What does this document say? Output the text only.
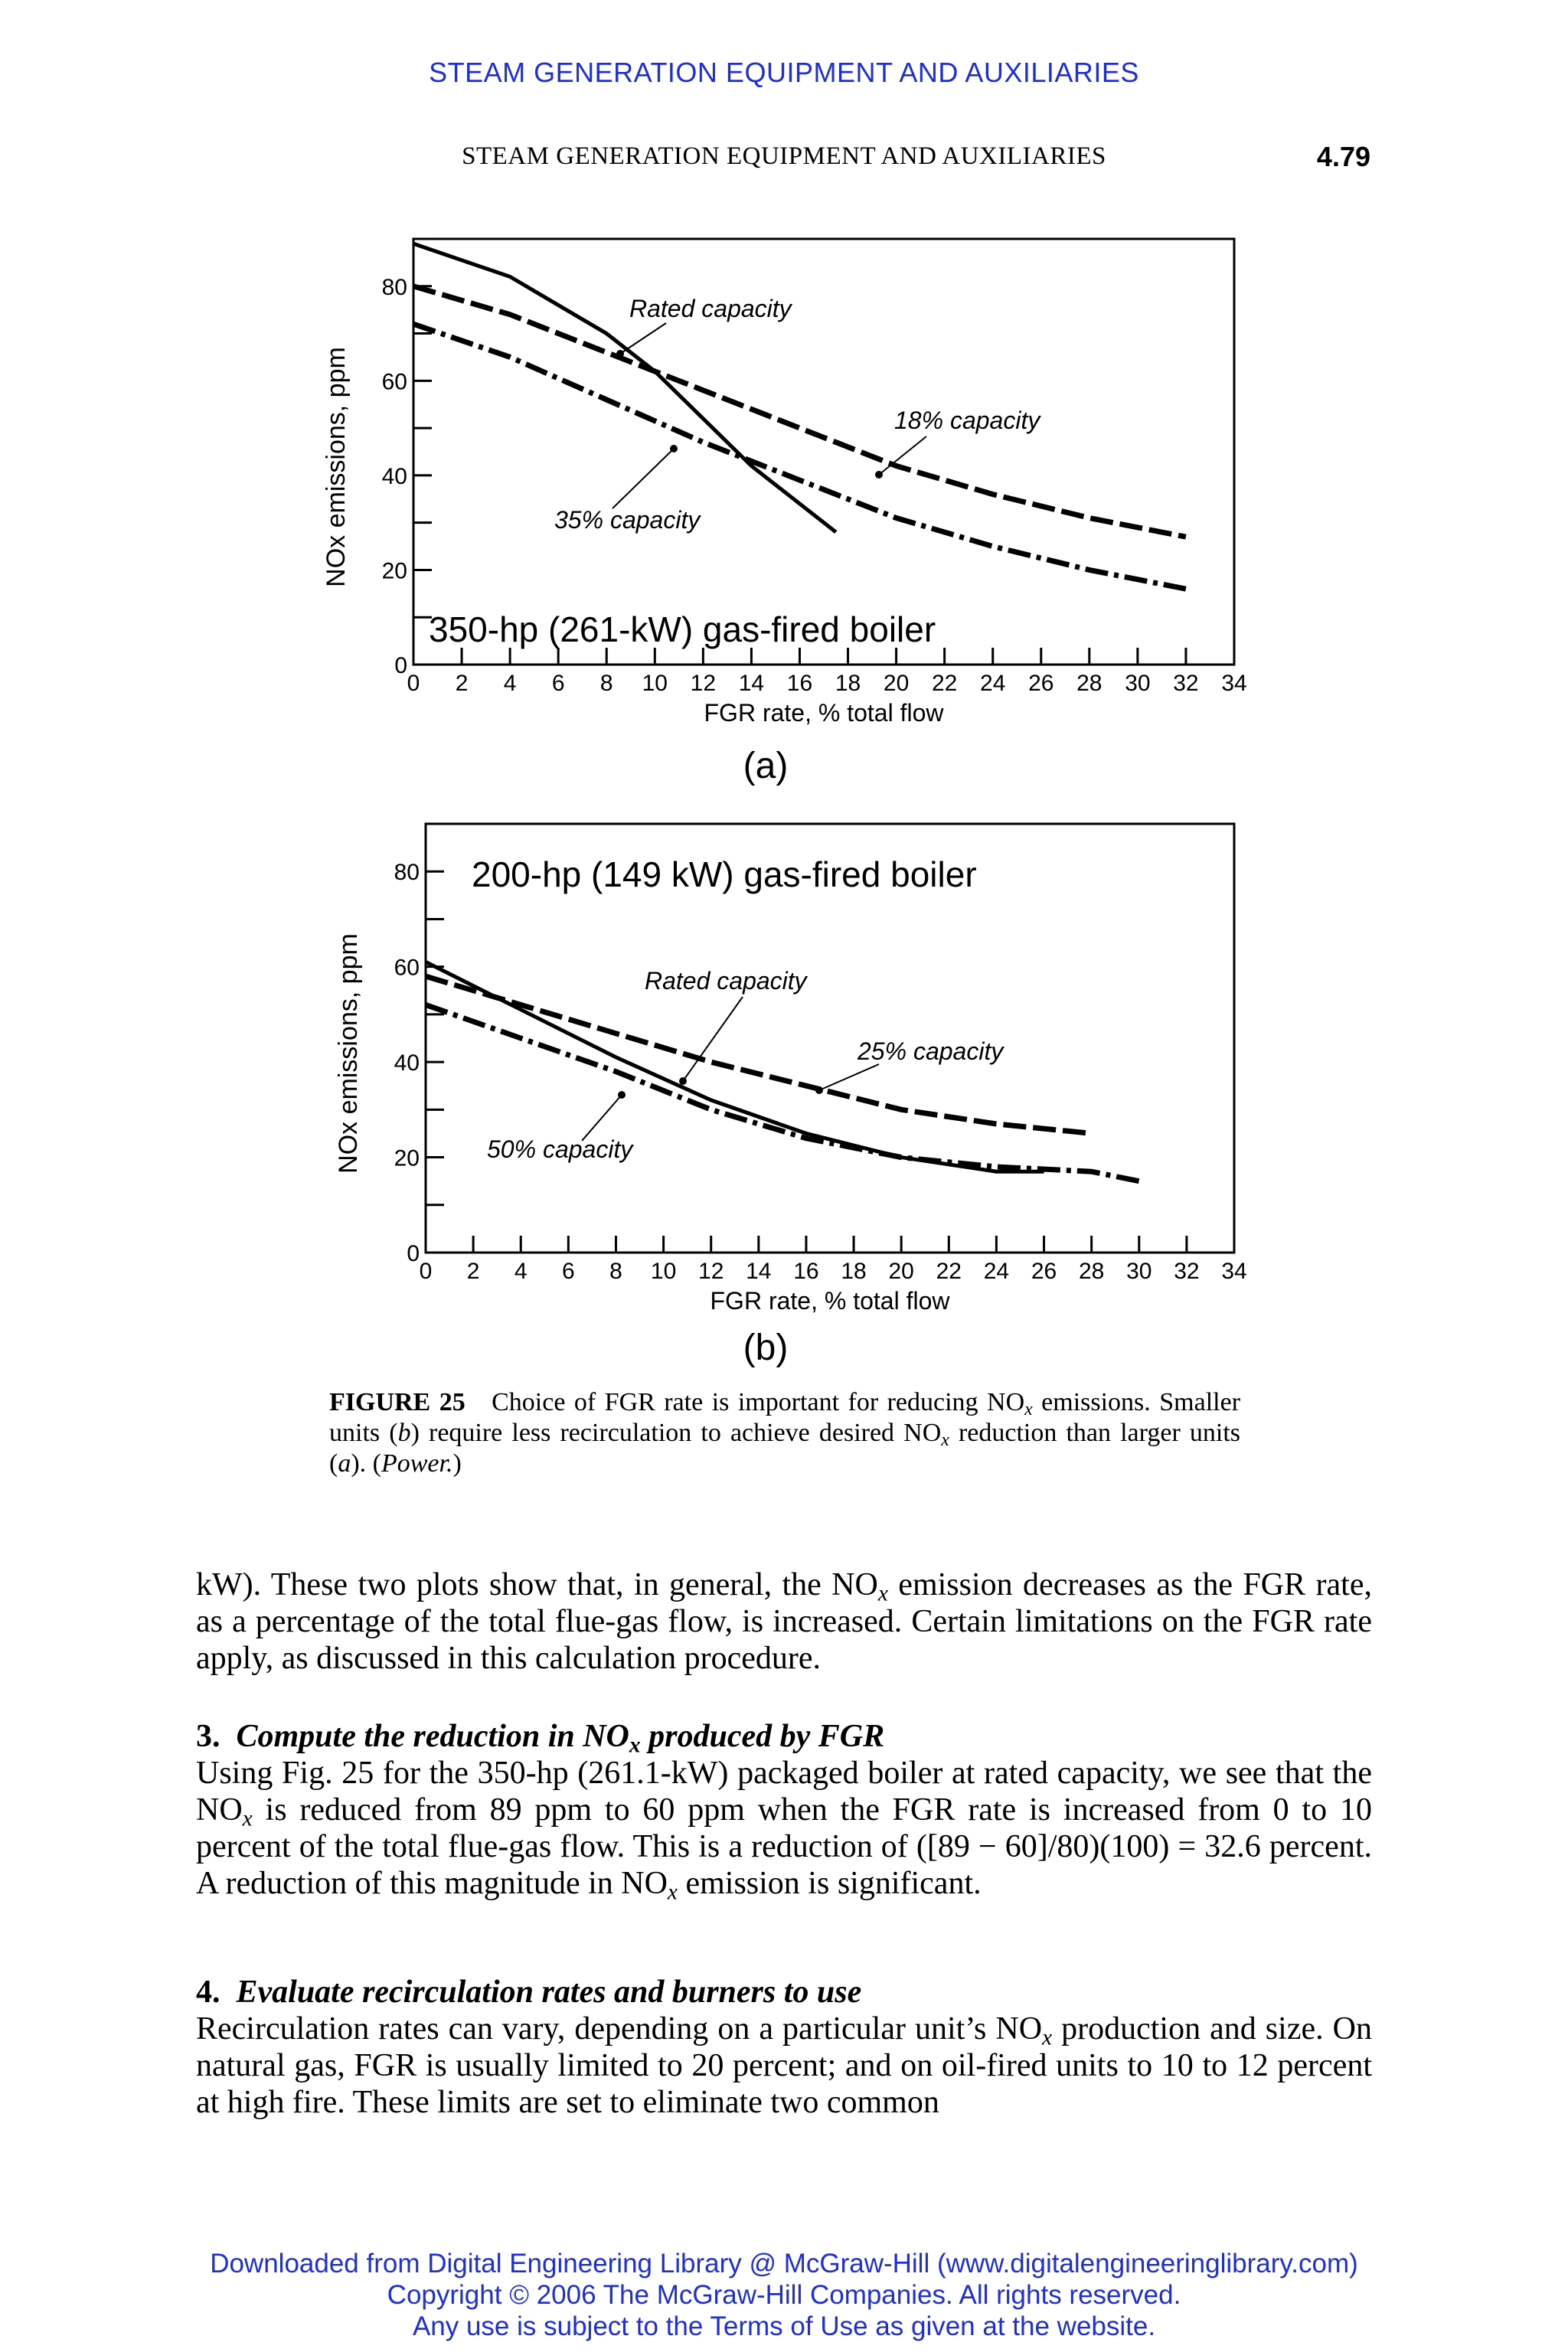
STEAM GENERATION EQUIPMENT AND AUXILIARIES
STEAM GENERATION EQUIPMENT AND AUXILIARIES	4.79
0 2 4 6 8 10 12 14 16 18 20 22 24 26 28 30 32 34
0
20
40
60
80
FGR rate, % total flow
NOx emissions, ppm
350-hp (261-kW) gas-fired boiler
Rated capacity
18% capacity
35% capacity
(a)
0 2 4 6 8 10 12 14 16 18 20 22 24 26 28 30 32 34
0
20
40
60
80
FGR rate, % total flow
NOx emissions, ppm
200-hp (149 kW) gas-fired boiler
Rated capacity
25% capacity
50% capacity
(b)
FIGURE 25 Choice of FGR rate is important for reducing $NO_x$ emissions. Smaller units (b) require less recirculation to achieve desired $NO_x$ reduction than larger units (a). (Power.)
kW). These two plots show that, in general, the $NO_x$ emission decreases as the FGR rate, as a percentage of the total flue-gas flow, is increased. Certain limitations on the FGR rate apply, as discussed in this calculation procedure.
3. Compute the reduction in $NO_x$ produced by FGR
Using Fig. 25 for the 350-hp (261.1-kW) packaged boiler at rated capacity, we see that the $NO_x$ is reduced from 89 ppm to 60 ppm when the FGR rate is increased from 0 to 10 percent of the total flue-gas flow. This is a reduction of ([89 − 60]/80)(100) = 32.6 percent. A reduction of this magnitude in $NO_x$ emission is significant.
4. Evaluate recirculation rates and burners to use
Recirculation rates can vary, depending on a particular unit’s $NO_x$ production and size. On natural gas, FGR is usually limited to 20 percent; and on oil-fired units to 10 to 12 percent at high fire. These limits are set to eliminate two common
Downloaded from Digital Engineering Library @ McGraw-Hill (www.digitalengineeringlibrary.com)
Copyright © 2006 The McGraw-Hill Companies. All rights reserved.
Any use is subject to the Terms of Use as given at the website.
